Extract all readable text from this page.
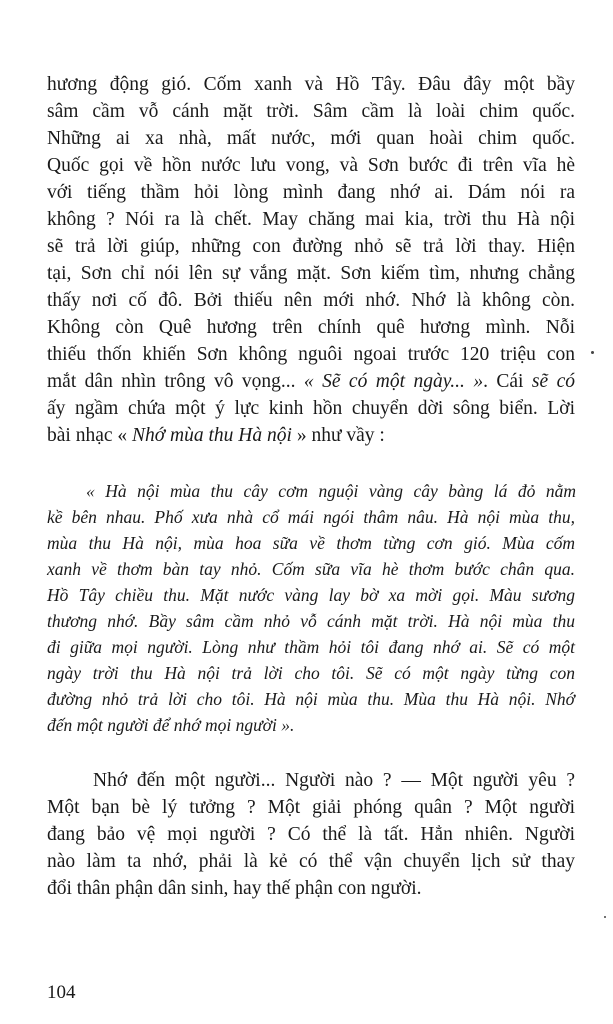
hương động gió. Cốm xanh và Hồ Tây. Đâu đây một bầy
sâm cầm vỗ cánh mặt trời. Sâm cầm là loài chim quốc.
Những ai xa nhà, mất nước, mới quan hoài chim quốc.
Quốc gọi về hồn nước lưu vong, và Sơn bước đi trên vĩa hè
với tiếng thầm hỏi lòng mình đang nhớ ai. Dám nói ra
không ? Nói ra là chết. May chăng mai kia, trời thu Hà nội
sẽ trả lời giúp, những con đường nhỏ sẽ trả lời thay. Hiện
tại, Sơn chỉ nói lên sự vắng mặt. Sơn kiếm tìm, nhưng chẳng
thấy nơi cố đô. Bởi thiếu nên mới nhớ. Nhớ là không còn.
Không còn Quê hương trên chính quê hương mình. Nỗi
thiếu thốn khiến Sơn không nguôi ngoai trước 120 triệu con
mắt dân nhìn trông vô vọng... « Sẽ có một ngày... ». Cái sẽ có
ấy ngầm chứa một ý lực kinh hồn chuyển dời sông biển. Lời
bài nhạc « Nhớ mùa thu Hà nội » như vầy :
« Hà nội mùa thu cây cơm nguội vàng cây bàng lá đỏ nằm
kề bên nhau. Phố xưa nhà cổ mái ngói thâm nâu. Hà nội mùa thu,
mùa thu Hà nội, mùa hoa sữa về thơm từng cơn gió. Mùa cốm
xanh về thơm bàn tay nhỏ. Cốm sữa vĩa hè thơm bước chân qua.
Hồ Tây chiều thu. Mặt nước vàng lay bờ xa mời gọi. Màu sương
thương nhớ. Bầy sâm cầm nhỏ vỗ cánh mặt trời. Hà nội mùa thu
đi giữa mọi người. Lòng như thầm hỏi tôi đang nhớ ai. Sẽ có một
ngày trời thu Hà nội trả lời cho tôi. Sẽ có một ngày từng con
đường nhỏ trả lời cho tôi. Hà nội mùa thu. Mùa thu Hà nội. Nhớ
đến một người để nhớ mọi người ».
Nhớ đến một người... Người nào ? — Một người yêu ?
Một bạn bè lý tưởng ? Một giải phóng quân ? Một người
đang bảo vệ mọi người ? Có thể là tất. Hẳn nhiên. Người
nào làm ta nhớ, phải là kẻ có thể vận chuyển lịch sử thay
đổi thân phận dân sinh, hay thế phận con người.
104
